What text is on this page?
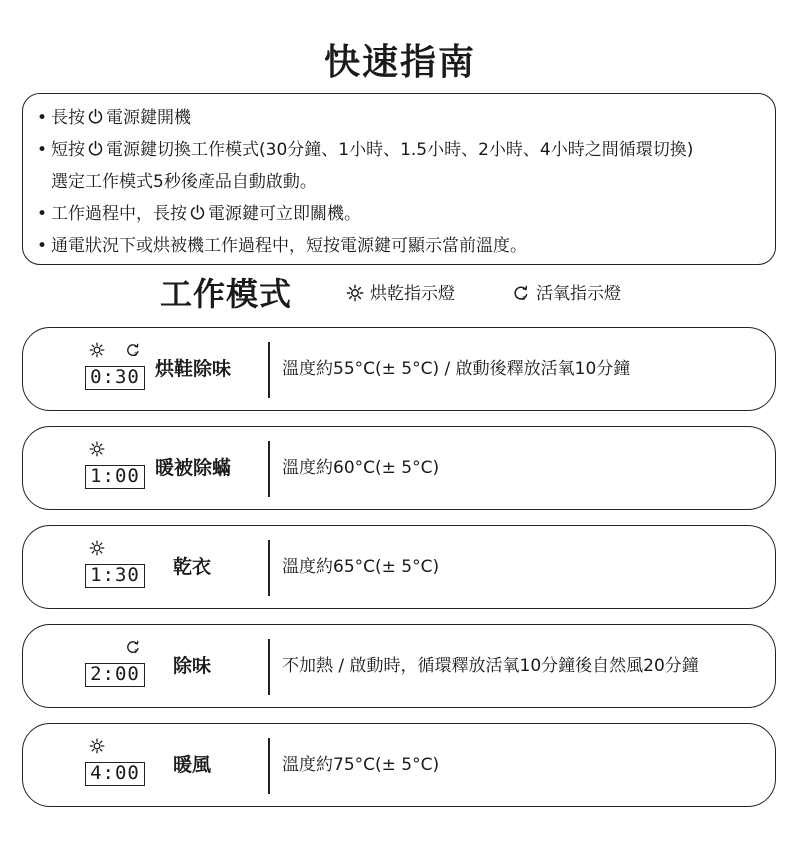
快速指南
• 長按 電源鍵開機
• 短按 電源鍵切換工作模式(30分鐘、1小時、1.5小時、2小時、4小時之間循環切換)
選定工作模式5秒後產品自動啟動。
• 工作過程中，長按 電源鍵可立即關機。
• 通電狀況下或烘被機工作過程中，短按電源鍵可顯示當前溫度。
工作模式	烘乾指示燈	活氧指示燈
0:30 烘鞋除味	溫度約55°C(± 5°C) / 啟動後釋放活氧10分鐘
1:00 暖被除蟎	溫度約60°C(± 5°C)
1:30 乾衣	溫度約65°C(± 5°C)
2:00 除味	不加熱 / 啟動時，循環釋放活氧10分鐘後自然風20分鐘
4:00 暖風	溫度約75°C(± 5°C)
